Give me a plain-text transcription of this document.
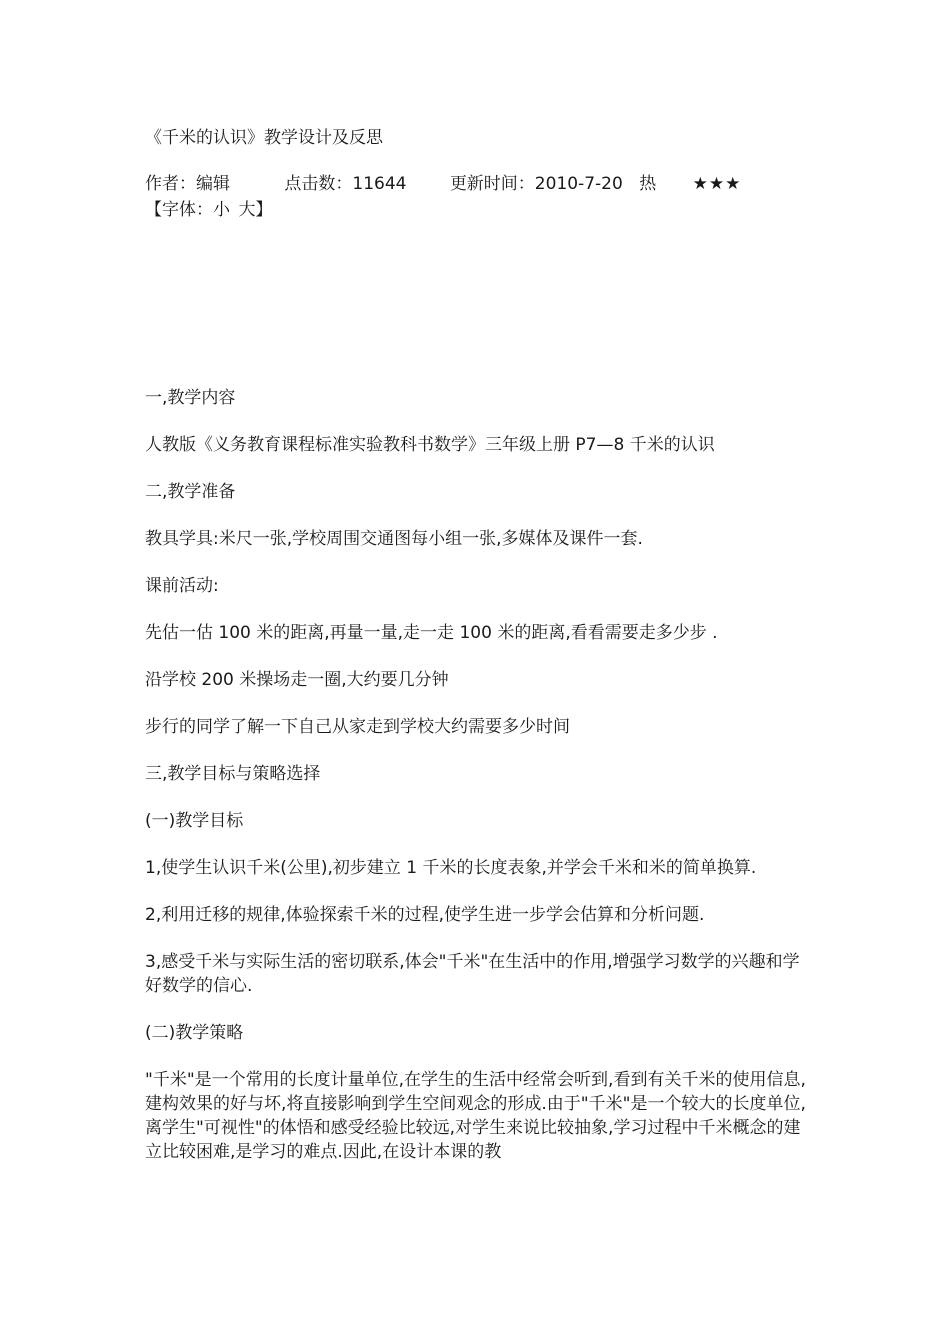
《千米的认识》教学设计及反思
作者：编辑	点击数：11644	更新时间：2010-7-20 热 ★★★
【字体：小  大】

一,教学内容

人教版《义务教育课程标准实验教科书数学》三年级上册 P7—8 千米的认识

二,教学准备

教具学具:米尺一张,学校周围交通图每小组一张,多媒体及课件一套.

课前活动:

先估一估 100 米的距离,再量一量,走一走 100 米的距离,看看需要走多少步 .

沿学校 200 米操场走一圈,大约要几分钟

步行的同学了解一下自己从家走到学校大约需要多少时间

三,教学目标与策略选择

(一)教学目标

1,使学生认识千米(公里),初步建立 1 千米的长度表象,并学会千米和米的简单换算.

2,利用迁移的规律,体验探索千米的过程,使学生进一步学会估算和分析问题.

3,感受千米与实际生活的密切联系,体会"千米"在生活中的作用,增强学习数学的兴趣和学好数学的信心.

(二)教学策略

"千米"是一个常用的长度计量单位,在学生的生活中经常会听到,看到有关千米的使用信息,建构效果的好与坏,将直接影响到学生空间观念的形成.由于"千米"是一个较大的长度单位,离学生"可视性"的体悟和感受经验比较远,对学生来说比较抽象,学习过程中千米概念的建立比较困难,是学习的难点.因此,在设计本课的教
